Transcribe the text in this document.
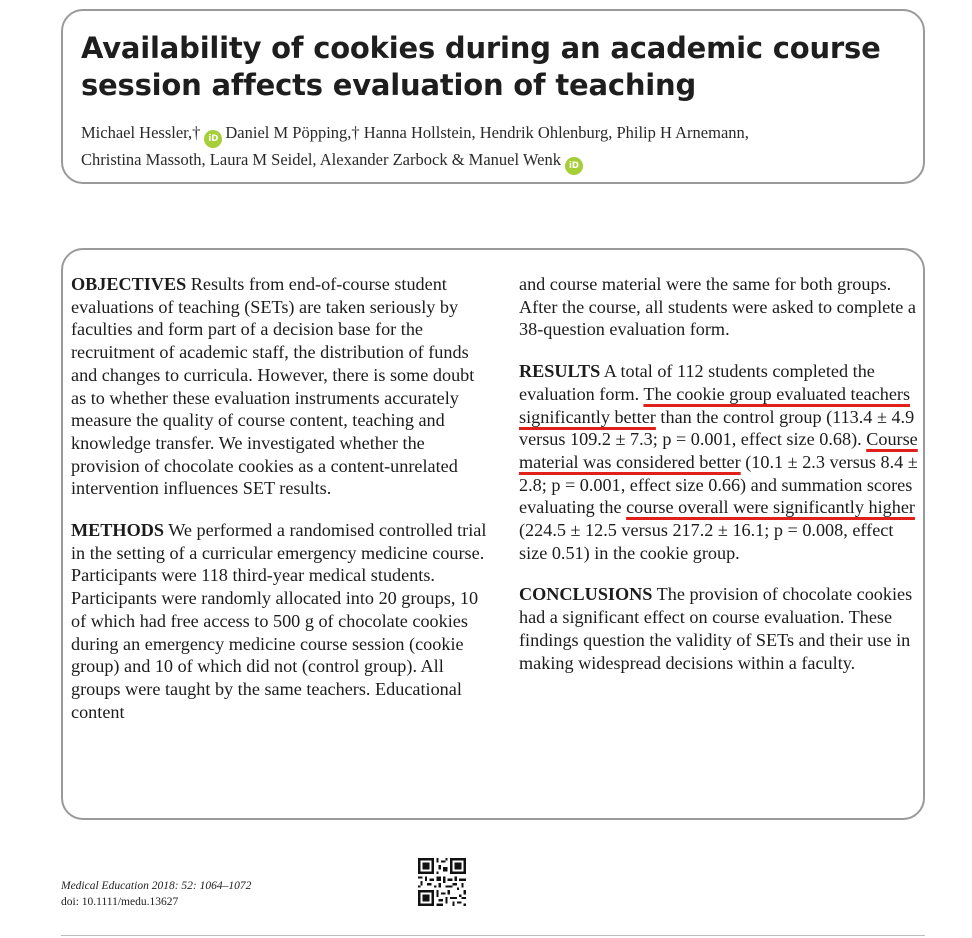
Availability of cookies during an academic course
session affects evaluation of teaching
Michael Hessler,† iD Daniel M Pöpping,† Hanna Hollstein, Hendrik Ohlenburg, Philip H Arnemann,
Christina Massoth, Laura M Seidel, Alexander Zarbock & Manuel Wenk iD

OBJECTIVES Results from end-of-course student evaluations of teaching (SETs) are taken seriously by faculties and form part of a decision base for the recruitment of academic staff, the distribution of funds and changes to curricula. However, there is some doubt as to whether these evaluation instruments accurately measure the quality of course content, teaching and knowledge transfer. We investigated whether the provision of chocolate cookies as a content-unrelated intervention influences SET results.

METHODS We performed a randomised controlled trial in the setting of a curricular emergency medicine course. Participants were 118 third-year medical students. Participants were randomly allocated into 20 groups, 10 of which had free access to 500 g of chocolate cookies during an emergency medicine course session (cookie group) and 10 of which did not (control group). All groups were taught by the same teachers. Educational content

and course material were the same for both groups. After the course, all students were asked to complete a 38-question evaluation form.

RESULTS A total of 112 students completed the evaluation form. The cookie group evaluated teachers significantly better than the control group (113.4 ± 4.9 versus 109.2 ± 7.3; p = 0.001, effect size 0.68). Course material was considered better (10.1 ± 2.3 versus 8.4 ± 2.8; p = 0.001, effect size 0.66) and summation scores evaluating the course overall were significantly higher (224.5 ± 12.5 versus 217.2 ± 16.1; p = 0.008, effect size 0.51) in the cookie group.

CONCLUSIONS The provision of chocolate cookies had a significant effect on course evaluation. These findings question the validity of SETs and their use in making widespread decisions within a faculty.

Medical Education 2018: 52: 1064–1072
doi: 10.1111/medu.13627
